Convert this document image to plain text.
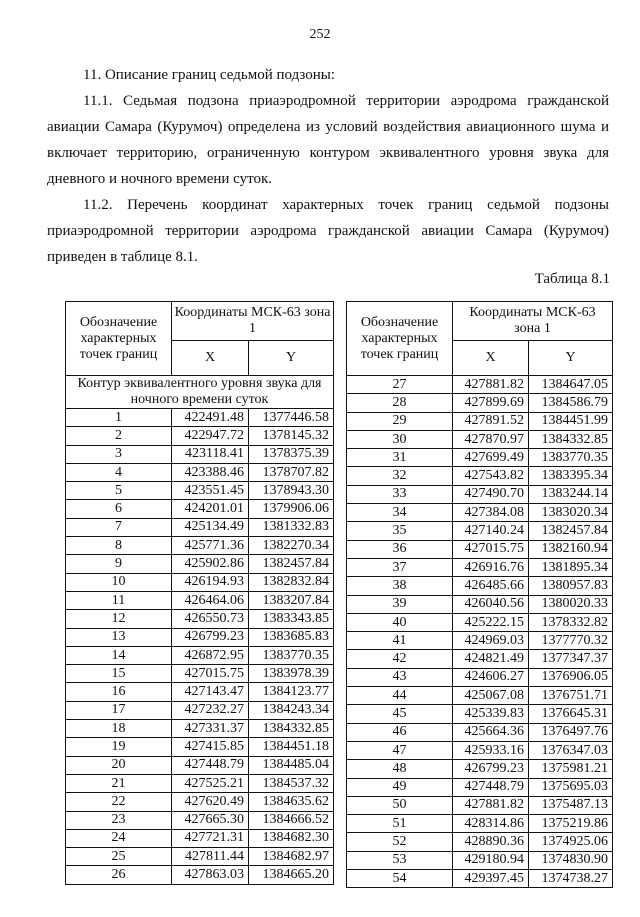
252
11. Описание границ седьмой подзоны:
11.1. Седьмая подзона приаэродромной территории аэродрома гражданской авиации Самара (Курумоч) определена из условий воздействия авиационного шума и включает территорию, ограниченную контуром эквивалентного уровня звука для дневного и ночного времени суток.
11.2. Перечень координат характерных точек границ седьмой подзоны приаэродромной территории аэродрома гражданской авиации Самара (Курумоч) приведен в таблице 8.1.
Таблица 8.1
Обозначение характерных точек границ	Координаты МСК-63 зона 1	
	X	Y
Контур эквивалентного уровня звука для ночного времени суток		
1	422491.48	1377446.58
2	422947.72	1378145.32
3	423118.41	1378375.39
4	423388.46	1378707.82
5	423551.45	1378943.30
6	424201.01	1379906.06
7	425134.49	1381332.83
8	425771.36	1382270.34
9	425902.86	1382457.84
10	426194.93	1382832.84
11	426464.06	1383207.84
12	426550.73	1383343.85
13	426799.23	1383685.83
14	426872.95	1383770.35
15	427015.75	1383978.39
16	427143.47	1384123.77
17	427232.27	1384243.34
18	427331.37	1384332.85
19	427415.85	1384451.18
20	427448.79	1384485.04
21	427525.21	1384537.32
22	427620.49	1384635.62
23	427665.30	1384666.52
24	427721.31	1384682.30
25	427811.44	1384682.97
26	427863.03	1384665.20
Обозначение характерных точек границ	Координаты МСК-63 зона 1	
	X	Y
27	427881.82	1384647.05
28	427899.69	1384586.79
29	427891.52	1384451.99
30	427870.97	1384332.85
31	427699.49	1383770.35
32	427543.82	1383395.34
33	427490.70	1383244.14
34	427384.08	1383020.34
35	427140.24	1382457.84
36	427015.75	1382160.94
37	426916.76	1381895.34
38	426485.66	1380957.83
39	426040.56	1380020.33
40	425222.15	1378332.82
41	424969.03	1377770.32
42	424821.49	1377347.37
43	424606.27	1376906.05
44	425067.08	1376751.71
45	425339.83	1376645.31
46	425664.36	1376497.76
47	425933.16	1376347.03
48	426799.23	1375981.21
49	427448.79	1375695.03
50	427881.82	1375487.13
51	428314.86	1375219.86
52	428890.36	1374925.06
53	429180.94	1374830.90
54	429397.45	1374738.27
